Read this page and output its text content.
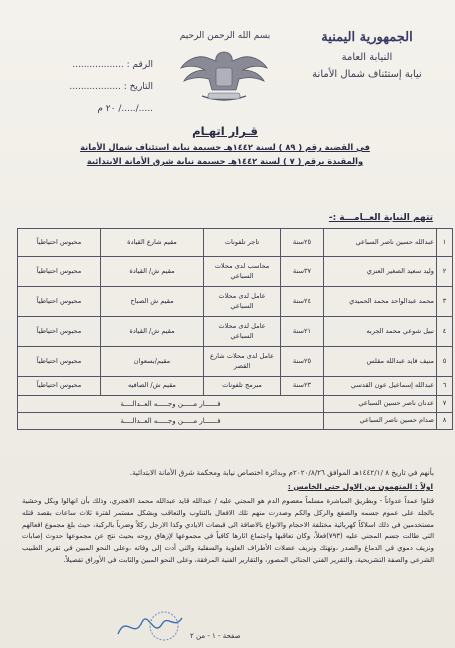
الجمهورية اليمنية
النيابة العامة
نيابة إستئناف شمال الأمانة
بسم الله الرحمن الرحيم
الرقم : ..................
التاريخ : ..................
...../...../ ٢٠ م
قـرار اتهـام
في القضية رقم ( ٨٩ ) لسنة ١٤٤٢هـ جسيمة نيابة استئناف شمال الأمانة
والمقيدة برقم ( ٧ ) لسنة ١٤٤٢هـ جسيمة نيابة شرق الأمانة الابتدائية
تتهم النيابة العــامـــة :-
١	عبدالله حسين ناصر السباعي	٢٥سنة	تاجر تلفونات	مقيم شارع القيادة	محبوس احتياطياً
٢	وليد سعيد الصغير العنزي	٣٧سنة	محاسب لدى محلات السباعي	مقيم ش/ القيادة	محبوس احتياطياً
٣	محمد عبدالواحد محمد الحميدي	٢٤سنة	عامل لدى محلات السباعي	مقيم ش الصباح	محبوس احتياطياً
٤	نبيل شوعي محمد الجربه	٢١سنة	عامل لدى محلات السباعي	مقيم ش/ القيادة	محبوس احتياطياً
٥	منيف قايد عبدالله مقلس	٢٥سنة	عامل لدى محلات شارع القصر	مقيم/بسعوان	محبوس احتياطياً
٦	عبدالله إسماعيل عون القدسي	٢٣سنة	مبرمج تلفونات	مقيم ش/ الصافيه	محبوس احتياطياً
٧	عدنان ناصر حسين السباعي	فــــــار مـــــن وجـــــه العــدالــــة			
٨	صدام حسين ناصر السباعي	فــــــار مـــــن وجـــــه العــدالــــة			
بأنهم في تاريخ ٨ /١٤٤٢/١هـ الموافق ٢٠٢٠/٨/٢٦م وبدائرة اختصاص نيابة ومحكمة شرق الأمانة الابتدائية.
اولاً : المتهمون من الاول حتى الخامس :
قتلوا عمداً عدواناً - وبطريق المباشرة مسلماً معصوم الدم هو المجني عليه / عبدالله قايد عبدالله محمد الاهجري، وذلك بأن انهالوا وبكل وحشية بالجلد على عموم جسمه والصفع والركل والكم وصدرت منهم تلك الافعال بالتناوب والتعاقب وبشكل مستمر لفترة ثلاث ساعات بقصد قتله مستخدمين في ذلك اسلاكاً كهربائية مختلفة الاحجام والانواع بالاضافة الى قبضات الايادي وكذا الارجل ركلاً وضرباً بالركبة، حيث بلغ مجموع افعالهم التي طالت جسم المجني عليه (٧٩٣)فعلاً، وكان تعاقبها واجتماع اثارها كافياً في مجموعها لإزهاق روحه بحيث نتج عن مجموعها حدوث إصابات ونزيف دموي في الدماغ والصدر ،وتهتك ونزيف عضلات الأطراف العلوية والسفلية والتي أدت إلى وفاته ،وعلى النحو المبين في تقرير الطبيب الشرعي والصفة التشريحية، والتقرير الفني الجنائي المصور، والتقارير الفنية المرفقة، وعلى النحو المبين والثابت في الأوراق تفصيلاً.
صفحة - ١ - من ٢
